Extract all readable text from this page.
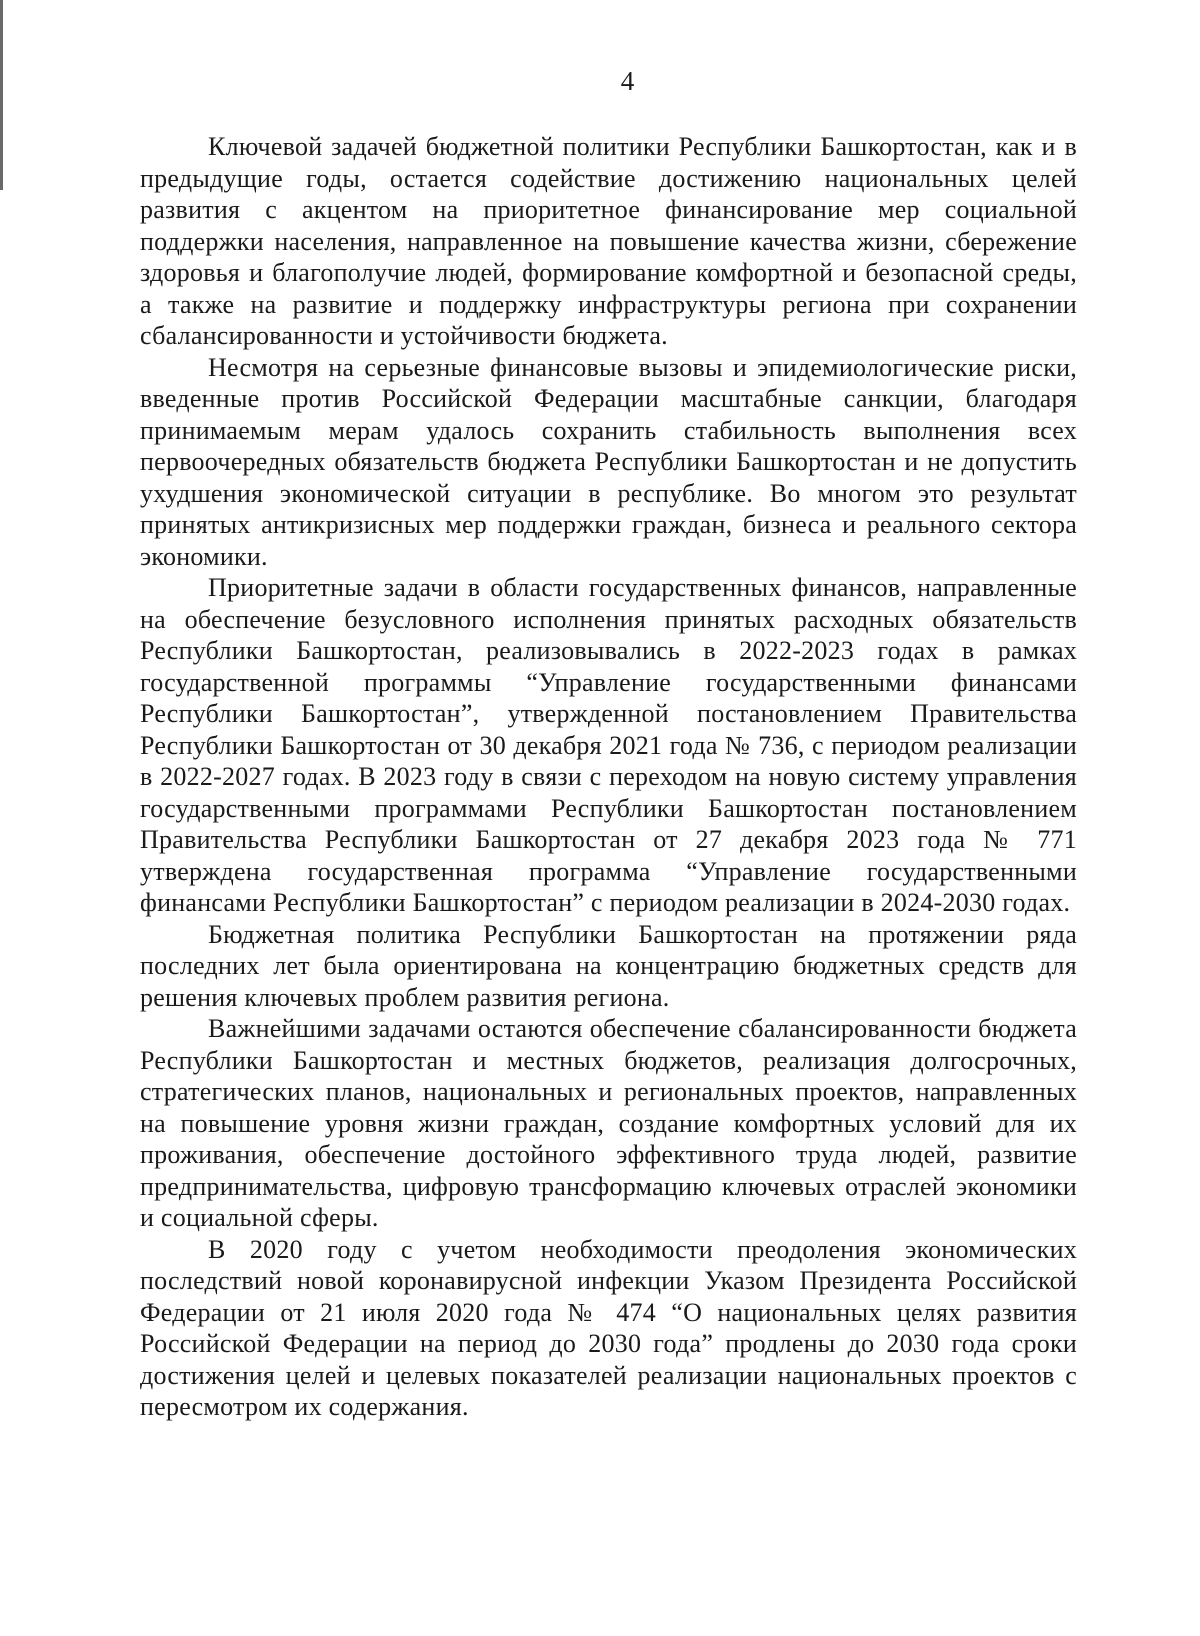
4

Ключевой задачей бюджетной политики Республики Башкортостан, как и в предыдущие годы, остается содействие достижению национальных целей развития с акцентом на приоритетное финансирование мер социальной поддержки населения, направленное на повышение качества жизни, сбережение здоровья и благополучие людей, формирование комфортной и безопасной среды, а также на развитие и поддержку инфраструктуры региона при сохранении сбалансированности и устойчивости бюджета.

Несмотря на серьезные финансовые вызовы и эпидемиологические риски, введенные против Российской Федерации масштабные санкции, благодаря принимаемым мерам удалось сохранить стабильность выполнения всех первоочередных обязательств бюджета Республики Башкортостан и не допустить ухудшения экономической ситуации в республике. Во многом это результат принятых антикризисных мер поддержки граждан, бизнеса и реального сектора экономики.

Приоритетные задачи в области государственных финансов, направленные на обеспечение безусловного исполнения принятых расходных обязательств Республики Башкортостан, реализовывались в 2022-2023 годах в рамках государственной программы “Управление государственными финансами Республики Башкортостан”, утвержденной постановлением Правительства Республики Башкортостан от 30 декабря 2021 года № 736, с периодом реализации в 2022-2027 годах. В 2023 году в связи с переходом на новую систему управления государственными программами Республики Башкортостан постановлением Правительства Республики Башкортостан от 27 декабря 2023 года № 771 утверждена государственная программа “Управление государственными финансами Республики Башкортостан” с периодом реализации в 2024-2030 годах.

Бюджетная политика Республики Башкортостан на протяжении ряда последних лет была ориентирована на концентрацию бюджетных средств для решения ключевых проблем развития региона.

Важнейшими задачами остаются обеспечение сбалансированности бюджета Республики Башкортостан и местных бюджетов, реализация долгосрочных, стратегических планов, национальных и региональных проектов, направленных на повышение уровня жизни граждан, создание комфортных условий для их проживания, обеспечение достойного эффективного труда людей, развитие предпринимательства, цифровую трансформацию ключевых отраслей экономики и социальной сферы.

В 2020 году с учетом необходимости преодоления экономических последствий новой коронавирусной инфекции Указом Президента Российской Федерации от 21 июля 2020 года № 474 “О национальных целях развития Российской Федерации на период до 2030 года” продлены до 2030 года сроки достижения целей и целевых показателей реализации национальных проектов с пересмотром их содержания.
